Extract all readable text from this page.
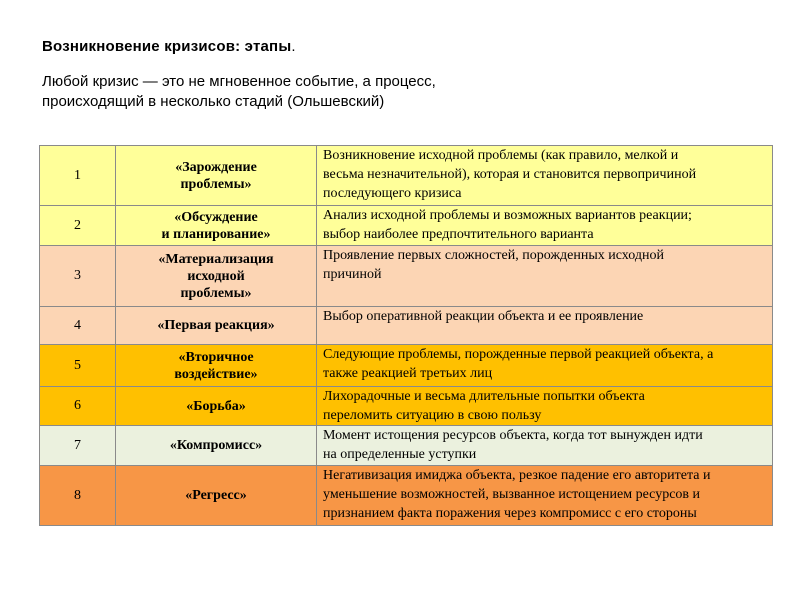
Возникновение кризисов: этапы.
Любой кризис — это не мгновенное событие, а процесс,
происходящий в несколько стадий (Ольшевский)
1	«Зарождение
проблемы»	Возникновение исходной проблемы (как правило, мелкой и
весьма незначительной), которая и становится первопричиной
последующего кризиса

2	«Обсуждение
и планирование»	Анализ исходной проблемы и возможных вариантов реакции;
выбор наиболее предпочтительного варианта

3	«Материализация
исходной
проблемы»	Проявление первых сложностей, порожденных исходной
причиной

4	«Первая реакция»	Выбор оперативной реакции объекта и ее проявление

5	«Вторичное
воздействие»	Следующие проблемы, порожденные первой реакцией объекта, а
также реакцией третьих лиц

6	«Борьба»	Лихорадочные и весьма длительные попытки объекта
переломить ситуацию в свою пользу

7	«Компромисс»	Момент истощения ресурсов объекта, когда тот вынужден идти
на определенные уступки

8	«Регресс»	Негативизация имиджа объекта, резкое падение его авторитета и
уменьшение возможностей, вызванное истощением ресурсов и
признанием факта поражения через компромисс с его стороны
